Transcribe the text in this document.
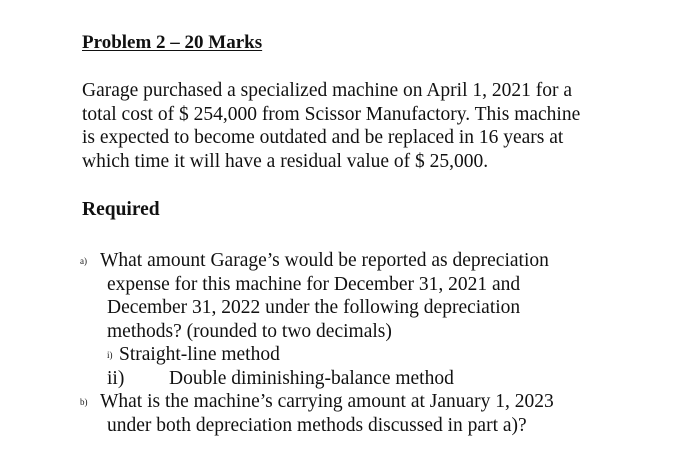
Problem 2 – 20 Marks

Garage purchased a specialized machine on April 1, 2021 for a
total cost of $ 254,000 from Scissor Manufactory. This machine
is expected to become outdated and be replaced in 16 years at
which time it will have a residual value of $ 25,000.

Required
a) What amount Garage’s would be reported as depreciation
expense for this machine for December 31, 2021 and
December 31, 2022 under the following depreciation
methods? (rounded to two decimals)
i) Straight-line method
ii) Double diminishing-balance method
b) What is the machine’s carrying amount at January 1, 2023
under both depreciation methods discussed in part a)?
